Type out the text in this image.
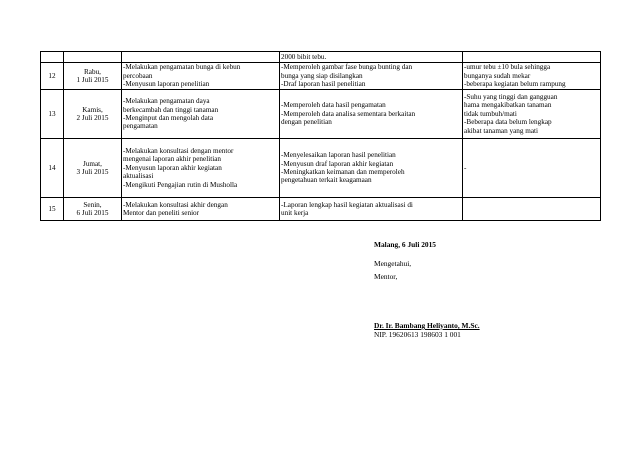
			2000 bibit tebu.	

12	Rabu,
1 Juli 2015	-Melakukan pengamatan bunga di kebun
percobaan
-Menyusun laporan penelitian	-Memperoleh gambar fase bunga bunting dan
bunga yang siap disilangkan
-Draf laporan hasil penelitian	-umur tebu ±10 bula sehingga
bunganya sudah mekar
-beberapa kegiatan belum rampung

13	Kamis,
2 Juli 2015	-Melakukan pengamatan daya
berkecambah dan tinggi tanaman
-Menginput dan mengolah data
pengamatan	-Memperoleh data hasil pengamatan
-Memperoleh data analisa sementara berkaitan
dengan penelitian	-Suhu yang tinggi dan gangguan
hama mengakibatkan tanaman
tidak tumbuh/mati
-Beberapa data belum lengkap
akibat tanaman yang mati

14	Jumat,
3 Juli 2015	-Melakukan konsultasi dengan mentor
mengenai laporan akhir penelitian
-Menyusun laporan akhir kegiatan
aktualisasi
-Mengikuti Pengajian rutin di Musholla	-Menyelesaikan laporan hasil penelitian
-Menyusun draf laporan akhir kegiatan
-Meningkatkan keimanan dan memperoleh
pengetahuan terkait keagamaan	-

15	Senin,
6 Juli 2015	-Melakukan konsultasi akhir dengan
Mentor dan peneliti senior	-Laporan lengkap hasil kegiatan aktualisasi di
unit kerja	

Malang, 6 Juli 2015
Mengetahui,
Mentor,
Dr. Ir. Bambang Heliyanto, M.Sc.
NIP. 19620613 198603 1 001
